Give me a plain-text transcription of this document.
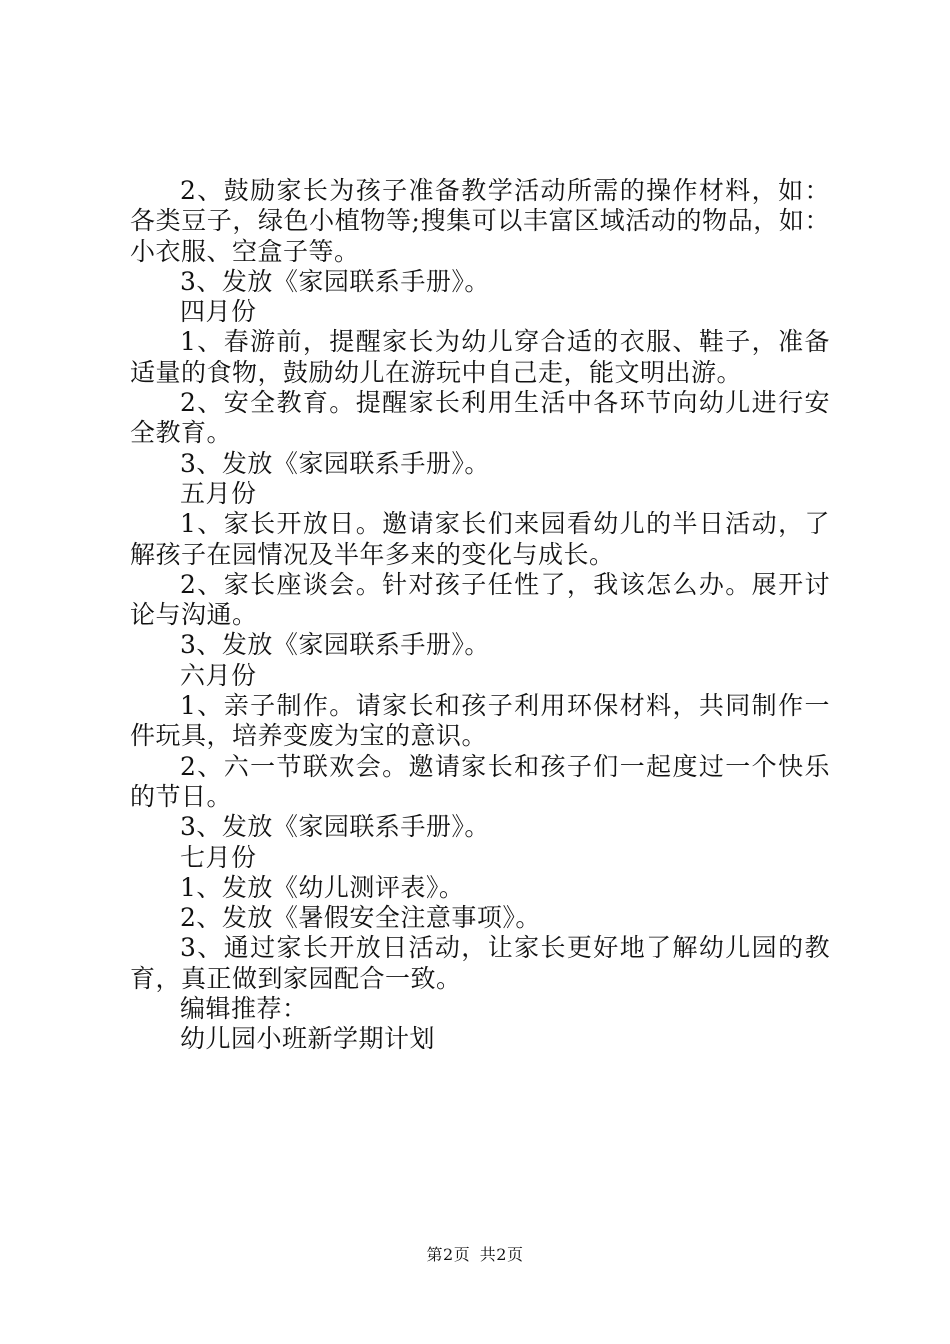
2、鼓励家长为孩子准备教学活动所需的操作材料，如：各类豆子，绿色小植物等;搜集可以丰富区域活动的物品，如：小衣服、空盒子等。

3、发放《家园联系手册》。

四月份

1、春游前，提醒家长为幼儿穿合适的衣服、鞋子，准备适量的食物，鼓励幼儿在游玩中自己走，能文明出游。

2、安全教育。提醒家长利用生活中各环节向幼儿进行安全教育。

3、发放《家园联系手册》。

五月份

1、家长开放日。邀请家长们来园看幼儿的半日活动，了解孩子在园情况及半年多来的变化与成长。

2、家长座谈会。针对孩子任性了，我该怎么办。展开讨论与沟通。

3、发放《家园联系手册》。

六月份

1、亲子制作。请家长和孩子利用环保材料，共同制作一件玩具，培养变废为宝的意识。

2、六一节联欢会。邀请家长和孩子们一起度过一个快乐的节日。

3、发放《家园联系手册》。

七月份

1、发放《幼儿测评表》。

2、发放《暑假安全注意事项》。

3、通过家长开放日活动，让家长更好地了解幼儿园的教育，真正做到家园配合一致。

编辑推荐：

幼儿园小班新学期计划

第2页 共2页
